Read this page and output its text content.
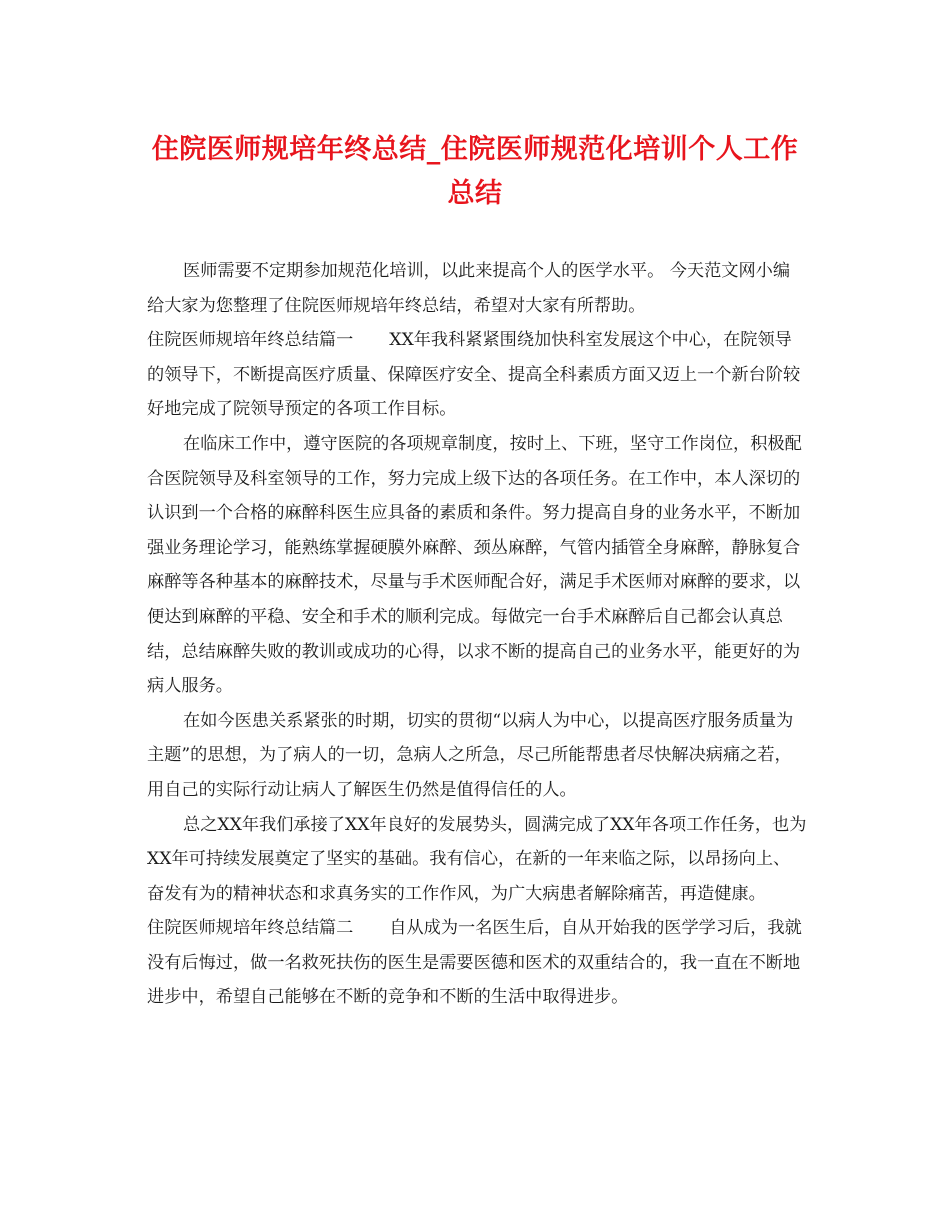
住院医师规培年终总结_住院医师规范化培训个人工作
总结

医师需要不定期参加规范化培训，以此来提高个人的医学水平。 今天范文网小编给大家为您整理了住院医师规培年终总结，希望对大家有所帮助。

住院医师规培年终总结篇一 XX年我科紧紧围绕加快科室发展这个中心，在院领导的领导下，不断提高医疗质量、保障医疗安全、提高全科素质方面又迈上一个新台阶较好地完成了院领导预定的各项工作目标。

在临床工作中，遵守医院的各项规章制度，按时上、下班，坚守工作岗位，积极配合医院领导及科室领导的工作，努力完成上级下达的各项任务。在工作中，本人深切的认识到一个合格的麻醉科医生应具备的素质和条件。努力提高自身的业务水平，不断加强业务理论学习，能熟练掌握硬膜外麻醉、颈丛麻醉，气管内插管全身麻醉，静脉复合麻醉等各种基本的麻醉技术，尽量与手术医师配合好，满足手术医师对麻醉的要求，以便达到麻醉的平稳、安全和手术的顺利完成。每做完一台手术麻醉后自己都会认真总结，总结麻醉失败的教训或成功的心得，以求不断的提高自己的业务水平，能更好的为病人服务。

在如今医患关系紧张的时期，切实的贯彻“以病人为中心，以提高医疗服务质量为主题”的思想，为了病人的一切，急病人之所急，尽己所能帮患者尽快解决病痛之若，用自己的实际行动让病人了解医生仍然是值得信任的人。

总之XX年我们承接了XX年良好的发展势头，圆满完成了XX年各项工作任务，也为XX年可持续发展奠定了坚实的基础。我有信心，在新的一年来临之际，以昂扬向上、奋发有为的精神状态和求真务实的工作作风，为广大病患者解除痛苦，再造健康。

住院医师规培年终总结篇二 自从成为一名医生后，自从开始我的医学学习后，我就没有后悔过，做一名救死扶伤的医生是需要医德和医术的双重结合的，我一直在不断地进步中，希望自己能够在不断的竞争和不断的生活中取得进步。
